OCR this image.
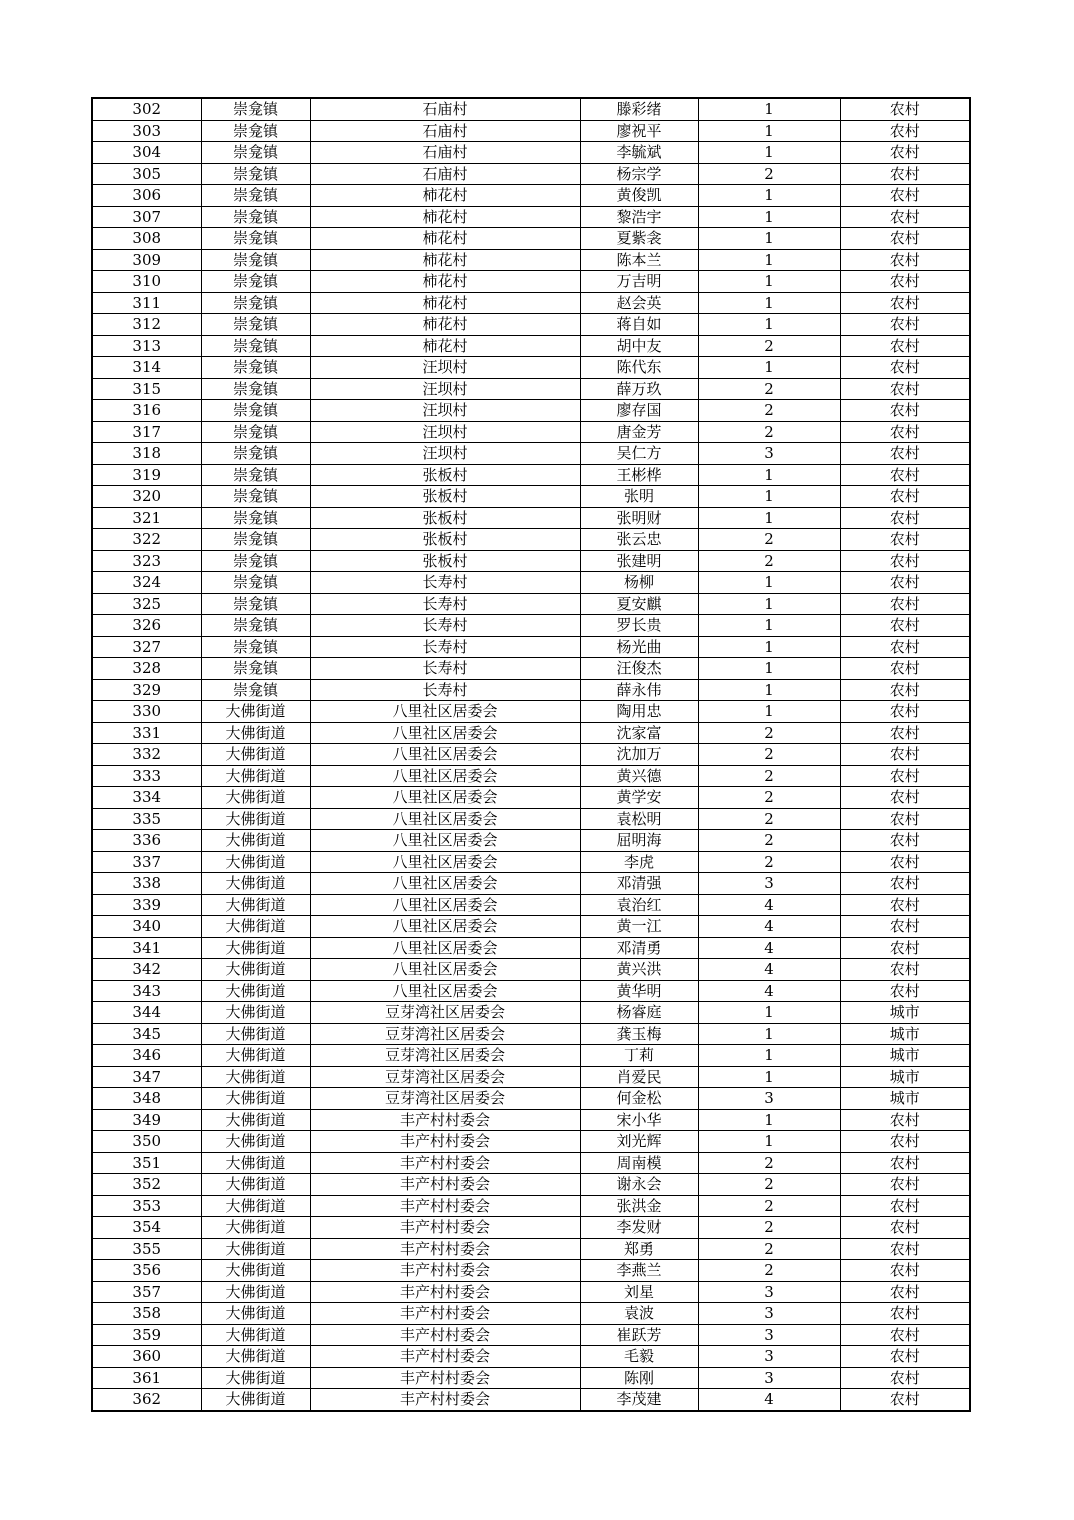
302	崇龛镇	石庙村	滕彩绪	1	农村
303	崇龛镇	石庙村	廖祝平	1	农村
304	崇龛镇	石庙村	李毓斌	1	农村
305	崇龛镇	石庙村	杨宗学	2	农村
306	崇龛镇	柿花村	黄俊凯	1	农村
307	崇龛镇	柿花村	黎浩宇	1	农村
308	崇龛镇	柿花村	夏紫衾	1	农村
309	崇龛镇	柿花村	陈本兰	1	农村
310	崇龛镇	柿花村	万吉明	1	农村
311	崇龛镇	柿花村	赵会英	1	农村
312	崇龛镇	柿花村	蒋自如	1	农村
313	崇龛镇	柿花村	胡中友	2	农村
314	崇龛镇	汪坝村	陈代东	1	农村
315	崇龛镇	汪坝村	薛万玖	2	农村
316	崇龛镇	汪坝村	廖存国	2	农村
317	崇龛镇	汪坝村	唐金芳	2	农村
318	崇龛镇	汪坝村	吴仁方	3	农村
319	崇龛镇	张板村	王彬桦	1	农村
320	崇龛镇	张板村	张明	1	农村
321	崇龛镇	张板村	张明财	1	农村
322	崇龛镇	张板村	张云忠	2	农村
323	崇龛镇	张板村	张建明	2	农村
324	崇龛镇	长寿村	杨柳	1	农村
325	崇龛镇	长寿村	夏安麒	1	农村
326	崇龛镇	长寿村	罗长贵	1	农村
327	崇龛镇	长寿村	杨光曲	1	农村
328	崇龛镇	长寿村	汪俊杰	1	农村
329	崇龛镇	长寿村	薛永伟	1	农村
330	大佛街道	八里社区居委会	陶用忠	1	农村
331	大佛街道	八里社区居委会	沈家富	2	农村
332	大佛街道	八里社区居委会	沈加万	2	农村
333	大佛街道	八里社区居委会	黄兴德	2	农村
334	大佛街道	八里社区居委会	黄学安	2	农村
335	大佛街道	八里社区居委会	袁松明	2	农村
336	大佛街道	八里社区居委会	屈明海	2	农村
337	大佛街道	八里社区居委会	李虎	2	农村
338	大佛街道	八里社区居委会	邓清强	3	农村
339	大佛街道	八里社区居委会	袁治红	4	农村
340	大佛街道	八里社区居委会	黄一江	4	农村
341	大佛街道	八里社区居委会	邓清勇	4	农村
342	大佛街道	八里社区居委会	黄兴洪	4	农村
343	大佛街道	八里社区居委会	黄华明	4	农村
344	大佛街道	豆芽湾社区居委会	杨睿庭	1	城市
345	大佛街道	豆芽湾社区居委会	龚玉梅	1	城市
346	大佛街道	豆芽湾社区居委会	丁莉	1	城市
347	大佛街道	豆芽湾社区居委会	肖爱民	1	城市
348	大佛街道	豆芽湾社区居委会	何金松	3	城市
349	大佛街道	丰产村村委会	宋小华	1	农村
350	大佛街道	丰产村村委会	刘光辉	1	农村
351	大佛街道	丰产村村委会	周南模	2	农村
352	大佛街道	丰产村村委会	谢永会	2	农村
353	大佛街道	丰产村村委会	张洪金	2	农村
354	大佛街道	丰产村村委会	李发财	2	农村
355	大佛街道	丰产村村委会	郑勇	2	农村
356	大佛街道	丰产村村委会	李燕兰	2	农村
357	大佛街道	丰产村村委会	刘星	3	农村
358	大佛街道	丰产村村委会	袁波	3	农村
359	大佛街道	丰产村村委会	崔跃芳	3	农村
360	大佛街道	丰产村村委会	毛毅	3	农村
361	大佛街道	丰产村村委会	陈刚	3	农村
362	大佛街道	丰产村村委会	李茂建	4	农村
